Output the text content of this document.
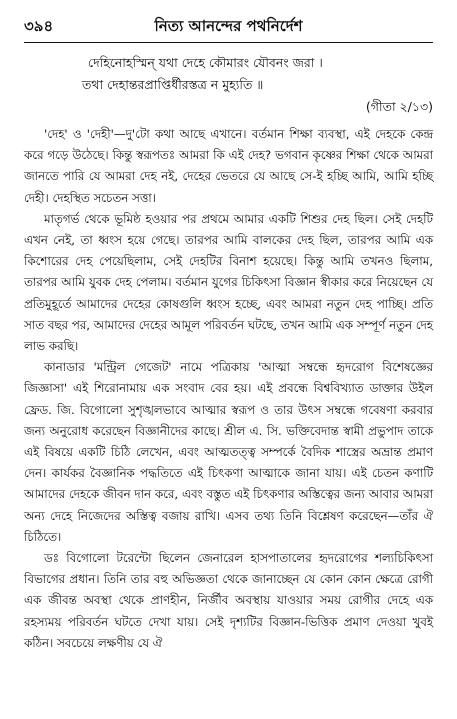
৩৯৪	নিত্য আনন্দের পথনির্দেশ
দেহিনোহস্মিন্‌ যথা দেহে কৌমারং যৌবনং জরা ।
তথা দেহান্তরপ্রাপ্তির্ধীরস্তত্র ন মুহ্যতি ॥
(গীতা ২/১৩)

'দেহ' ও 'দেহী'—দু'টো কথা আছে এখানে। বর্তমান শিক্ষা ব্যবস্থা, এই দেহকে কেন্দ্র করে গড়ে উঠেছে। কিন্তু স্বরূপতঃ আমরা কি এই দেহ? ভগবান কৃষ্ণের শিক্ষা থেকে আমরা জানতে পারি যে আমরা দেহ নই, দেহের ভেতরে যে আছে সে-ই হচ্ছি আমি, আমি হচ্ছি দেহী। দেহস্থিত সচেতন সত্তা।

মাতৃগর্ভ থেকে ভূমিষ্ঠ হওয়ার পর প্রথমে আমার একটি শিশুর দেহ ছিল। সেই দেহটি এখন নেই, তা ধ্বংস হয়ে গেছে। তারপর আমি বালকের দেহ ছিল, তারপর আমি এক কিশোরের দেহ পেয়েছিলাম, সেই দেহটির বিনাশ হয়েছে। কিন্তু আমি তখনও ছিলাম, তারপর আমি যুবক দেহ পেলাম। বর্তমান যুগের চিকিৎসা বিজ্ঞান স্বীকার করে নিয়েছেন যে প্রতিমুহূর্তে আমাদের দেহের কোষগুলি ধ্বংস হচ্ছে, এবং আমরা নতুন দেহ পাচ্ছি। প্রতি সাত বছর পর, আমাদের দেহের আমূল পরিবর্তন ঘটছে, তখন আমি এক সম্পূর্ণ নতুন দেহ লাভ করছি।

কানাডার 'মন্ট্রিল গেজেট' নামে পত্রিকায় 'আত্মা সম্বন্ধে হৃদরোগ বিশেষজ্ঞের জিজ্ঞাসা' এই শিরোনামায় এক সংবাদ বের হয়। এই প্রবন্ধে বিশ্ববিখ্যাত ডাক্তার উইল ফ্রেড. জি. বিগোলো সুশৃঙ্খলভাবে আত্মার স্বরূপ ও তার উৎস সম্বন্ধে গবেষণা করবার জন্য অনুরোধ করেছেন বিজ্ঞানীদের কাছে। শ্রীল এ. সি. ভক্তিবেদান্ত স্বামী প্রভুপাদ তাকে এই বিষয়ে একটি চিঠি লেখেন, এবং আত্মতত্ত্ব সম্পর্কে বৈদিক শাস্ত্রের অভ্রান্ত প্রমাণ দেন। কার্যকর বৈজ্ঞানিক পদ্ধতিতে এই চিৎকণা আত্মাকে জানা যায়। এই চেতন কণাটি আমাদের দেহকে জীবন দান করে, এবং বস্তুত এই চিৎকণার অস্তিত্বের জন্য আবার আমরা অন্য দেহে নিজেদের অস্তিত্ব বজায় রাখি। এসব তথ্য তিনি বিশ্লেষণ করেছেন—তাঁর ঐ চিঠিতে।

ডঃ বিগোলো টরেন্টো ছিলেন জেনারেল হাসপাতালের হৃদরোগের শল্যচিকিৎসা বিভাগের প্রধান। তিনি তার বহু অভিজ্ঞতা থেকে জানাচ্ছেন যে কোন কোন ক্ষেত্রে রোগী এক জীবন্ত অবস্থা থেকে প্রাণহীন, নির্জীব অবস্থায় যাওয়ার সময় রোগীর দেহে এক রহস্যময় পরিবর্তন ঘটতে দেখা যায়। সেই দৃশ্যটির বিজ্ঞান-ভিত্তিক প্রমাণ দেওয়া খুবই কঠিন। সবচেয়ে লক্ষণীয় যে ঐ
